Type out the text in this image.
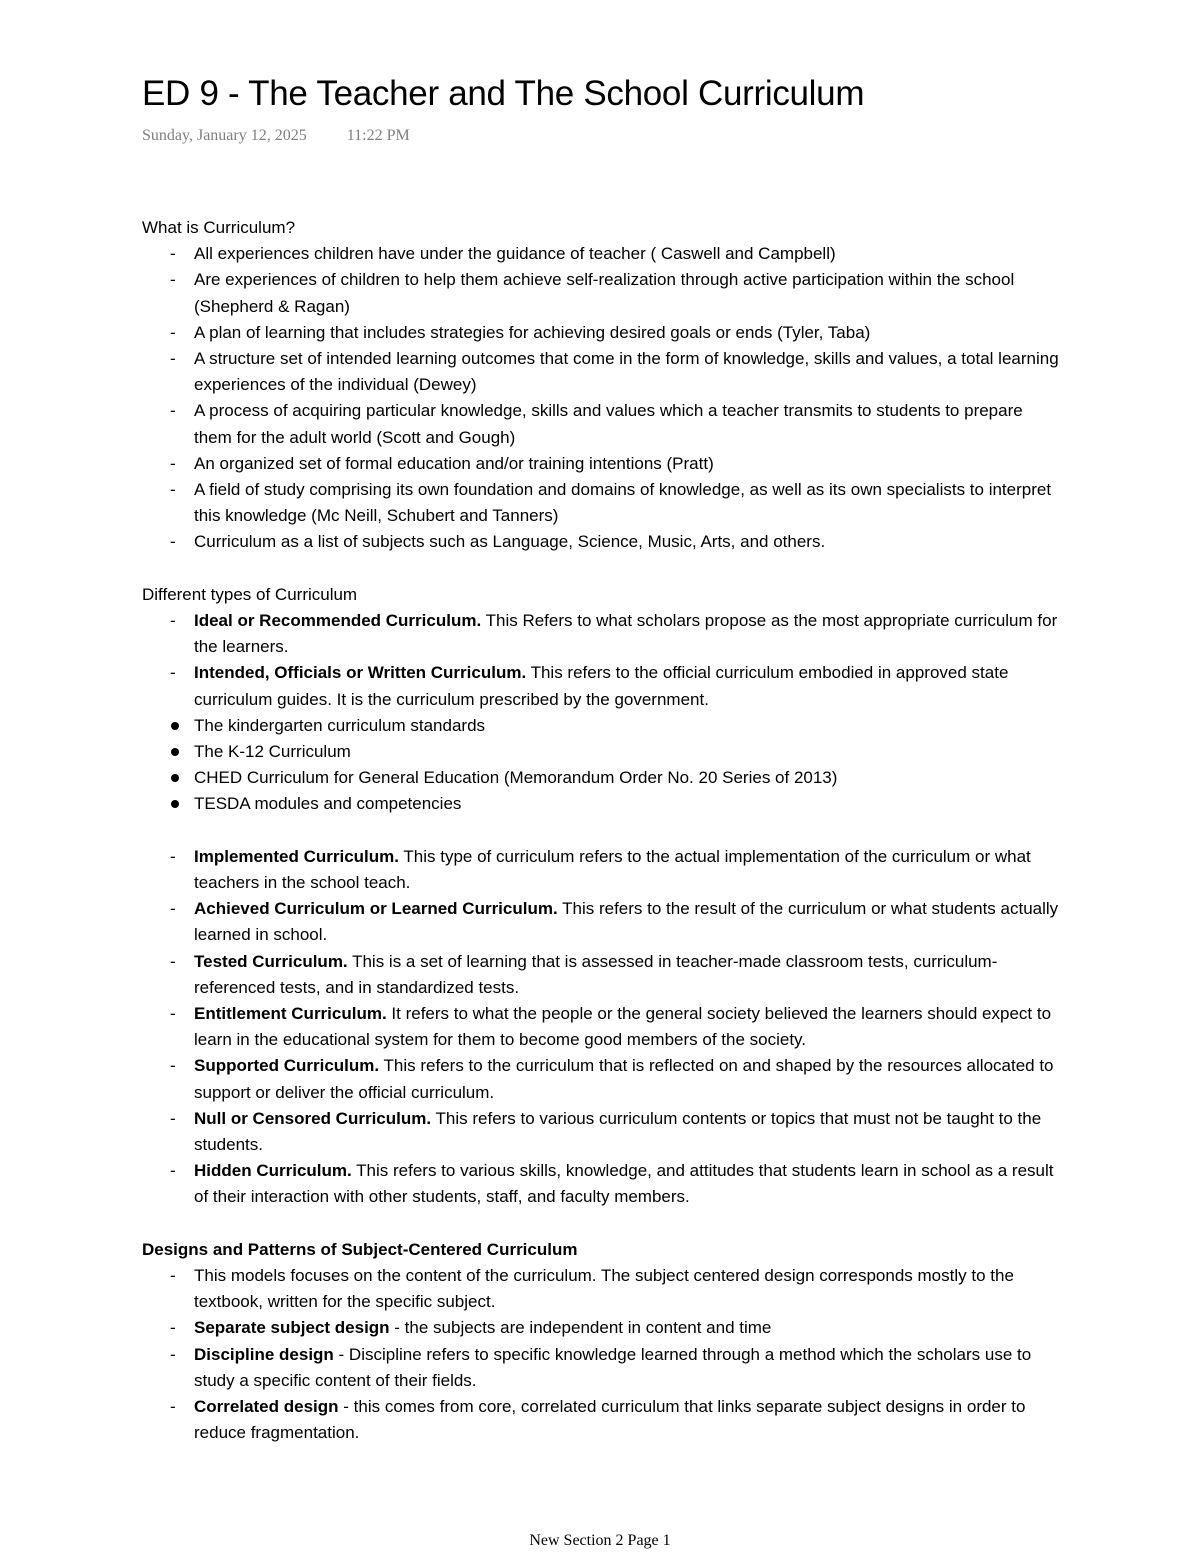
ED 9 - The Teacher and The School Curriculum
Sunday, January 12, 2025	11:22 PM
What is Curriculum?
- All experiences children have under the guidance of teacher ( Caswell and Campbell)
- Are experiences of children to help them achieve self-realization through active participation within the school (Shepherd & Ragan)
- A plan of learning that includes strategies for achieving desired goals or ends (Tyler, Taba)
- A structure set of intended learning outcomes that come in the form of knowledge, skills and values, a total learning experiences of the individual (Dewey)
- A process of acquiring particular knowledge, skills and values which a teacher transmits to students to prepare them for the adult world (Scott and Gough)
- An organized set of formal education and/or training intentions (Pratt)
- A field of study comprising its own foundation and domains of knowledge, as well as its own specialists to interpret this knowledge (Mc Neill, Schubert and Tanners)
- Curriculum as a list of subjects such as Language, Science, Music, Arts, and others.
Different types of Curriculum
- Ideal or Recommended Curriculum. This Refers to what scholars propose as the most appropriate curriculum for the learners.
- Intended, Officials or Written Curriculum. This refers to the official curriculum embodied in approved state curriculum guides. It is the curriculum prescribed by the government.
The kindergarten curriculum standards
The K-12 Curriculum
CHED Curriculum for General Education (Memorandum Order No. 20 Series of 2013)
TESDA modules and competencies
- Implemented Curriculum. This type of curriculum refers to the actual implementation of the curriculum or what teachers in the school teach.
- Achieved Curriculum or Learned Curriculum. This refers to the result of the curriculum or what students actually learned in school.
- Tested Curriculum. This is a set of learning that is assessed in teacher-made classroom tests, curriculum-referenced tests, and in standardized tests.
- Entitlement Curriculum. It refers to what the people or the general society believed the learners should expect to learn in the educational system for them to become good members of the society.
- Supported Curriculum. This refers to the curriculum that is reflected on and shaped by the resources allocated to support or deliver the official curriculum.
- Null or Censored Curriculum. This refers to various curriculum contents or topics that must not be taught to the students.
- Hidden Curriculum. This refers to various skills, knowledge, and attitudes that students learn in school as a result of their interaction with other students, staff, and faculty members.
Designs and Patterns of Subject-Centered Curriculum
- This models focuses on the content of the curriculum. The subject centered design corresponds mostly to the textbook, written for the specific subject.
- Separate subject design - the subjects are independent in content and time
- Discipline design - Discipline refers to specific knowledge learned through a method which the scholars use to study a specific content of their fields.
- Correlated design - this comes from core, correlated curriculum that links separate subject designs in order to reduce fragmentation.
New Section 2 Page 1
